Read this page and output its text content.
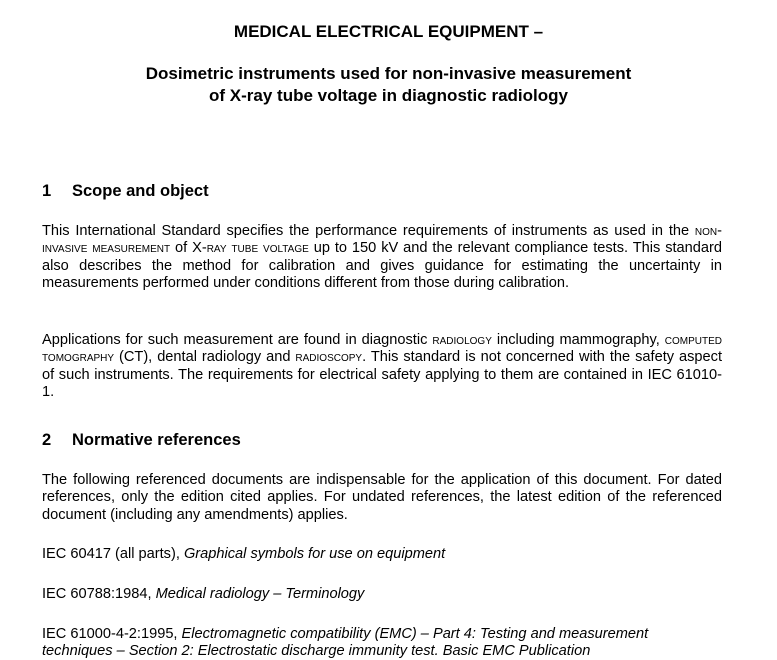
MEDICAL ELECTRICAL EQUIPMENT –
Dosimetric instruments used for non-invasive measurement
of X-ray tube voltage in diagnostic radiology
1 Scope and object
This International Standard specifies the performance requirements of instruments as used in the non-invasive measurement of X-ray tube voltage up to 150 kV and the relevant compliance tests. This standard also describes the method for calibration and gives guidance for estimating the uncertainty in measurements performed under conditions different from those during calibration.
Applications for such measurement are found in diagnostic radiology including mammography, computed tomography (CT), dental radiology and radioscopy. This standard is not concerned with the safety aspect of such instruments. The requirements for electrical safety applying to them are contained in IEC 61010-1.
2 Normative references
The following referenced documents are indispensable for the application of this document. For dated references, only the edition cited applies. For undated references, the latest edition of the referenced document (including any amendments) applies.
IEC 60417 (all parts), Graphical symbols for use on equipment
IEC 60788:1984, Medical radiology – Terminology
IEC 61000-4-2:1995, Electromagnetic compatibility (EMC) – Part 4: Testing and measurement
techniques – Section 2: Electrostatic discharge immunity test. Basic EMC Publication
